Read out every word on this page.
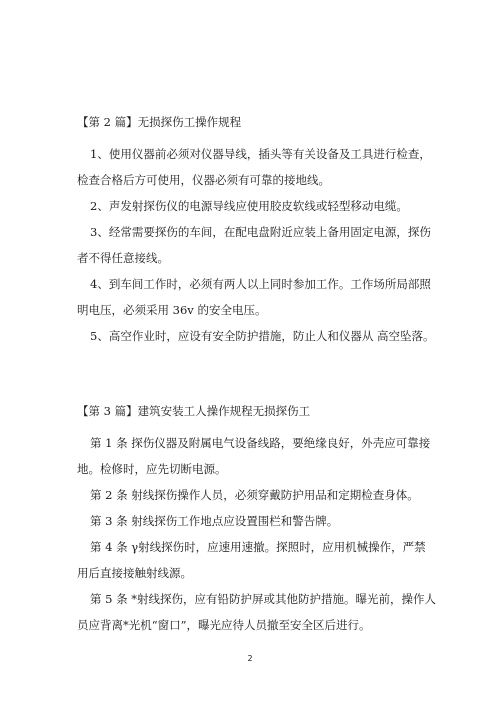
【第 2 篇】无损探伤工操作规程

1、使用仪器前必须对仪器导线，插头等有关设备及工具进行检查，检查合格后方可使用，仪器必须有可靠的接地线。

2、声发射探伤仪的电源导线应使用胶皮软线或轻型移动电缆。

3、经常需要探伤的车间，在配电盘附近应装上备用固定电源，探伤者不得任意接线。

4、到车间工作时，必须有两人以上同时参加工作。工作场所局部照明电压，必须采用 36v 的安全电压。

5、高空作业时，应设有安全防护措施，防止人和仪器从 高空坠落。

【第 3 篇】建筑安装工人操作规程无损探伤工

第 1 条 探伤仪器及附属电气设备线路，要绝缘良好，外壳应可靠接地。检修时，应先切断电源。

第 2 条 射线探伤操作人员，必须穿戴防护用品和定期检查身体。

第 3 条 射线探伤工作地点应设置围栏和警告牌。

第 4 条 γ射线探伤时，应速用速撤。探照时，应用机械操作，严禁用后直接接触射线源。

第 5 条 *射线探伤，应有铅防护屏或其他防护措施。曝光前，操作人员应背离*光机“窗口”，曝光应待人员撤至安全区后进行。

2
